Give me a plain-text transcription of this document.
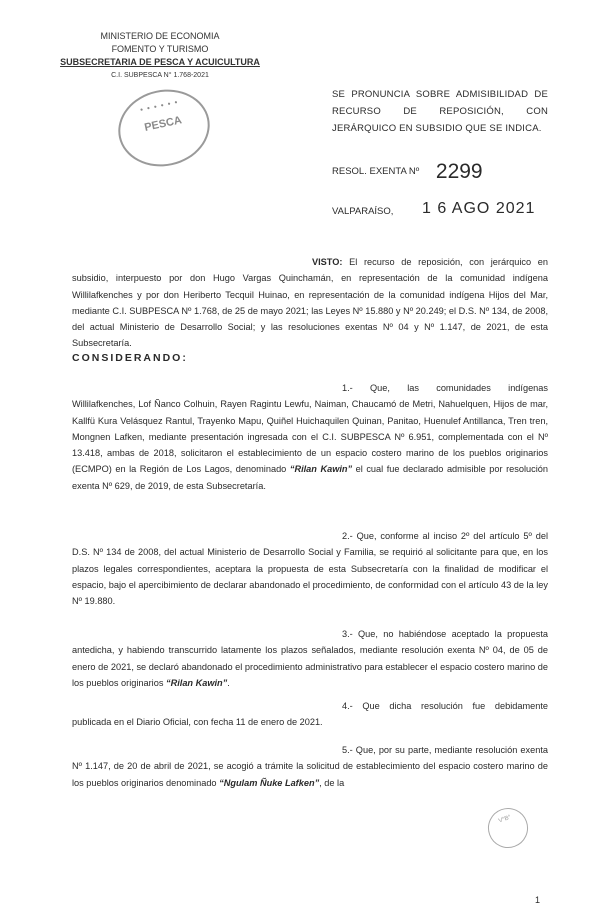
MINISTERIO DE ECONOMIA
FOMENTO Y TURISMO
SUBSECRETARIA DE PESCA Y ACUICULTURA
C.I. SUBPESCA N° 1.768-2021
• • • • • •
PESCA
SE PRONUNCIA SOBRE ADMISIBILIDAD DE RECURSO DE REPOSICIÓN, CON JERÁRQUICO EN SUBSIDIO QUE SE INDICA.
RESOL. EXENTA Nº 2299
VALPARAÍSO, 1 6 AGO 2021
VISTO: El recurso de reposición, con jerárquico en subsidio, interpuesto por don Hugo Vargas Quinchamán, en representación de la comunidad indígena Willilafkenches y por don Heriberto Tecquil Huinao, en representación de la comunidad indígena Hijos del Mar, mediante C.I. SUBPESCA Nº 1.768, de 25 de mayo 2021; las Leyes Nº 15.880 y Nº 20.249; el D.S. Nº 134, de 2008, del actual Ministerio de Desarrollo Social; y las resoluciones exentas Nº 04 y Nº 1.147, de 2021, de esta Subsecretaría.
CONSIDERANDO:
1.- Que, las comunidades indígenas Willilafkenches, Lof Ñanco Colhuin, Rayen Ragintu Lewfu, Naiman, Chaucamó de Metri, Nahuelquen, Hijos de mar, Kallfü Kura Velásquez Rantul, Trayenko Mapu, Quiñel Huichaquilen Quinan, Panitao, Huenulef Antillanca, Tren tren, Mongnen Lafken, mediante presentación ingresada con el C.I. SUBPESCA Nº 6.951, complementada con el Nº 13.418, ambas de 2018, solicitaron el establecimiento de un espacio costero marino de los pueblos originarios (ECMPO) en la Región de Los Lagos, denominado “Rilan Kawin” el cual fue declarado admisible por resolución exenta Nº 629, de 2019, de esta Subsecretaría.
2.- Que, conforme al inciso 2º del artículo 5º del D.S. Nº 134 de 2008, del actual Ministerio de Desarrollo Social y Familia, se requirió al solicitante para que, en los plazos legales correspondientes, aceptara la propuesta de esta Subsecretaría con la finalidad de modificar el espacio, bajo el apercibimiento de declarar abandonado el procedimiento, de conformidad con el artículo 43 de la ley Nº 19.880.
3.- Que, no habiéndose aceptado la propuesta antedicha, y habiendo transcurrido latamente los plazos señalados, mediante resolución exenta Nº 04, de 05 de enero de 2021, se declaró abandonado el procedimiento administrativo para establecer el espacio costero marino de los pueblos originarios “Rilan Kawin”.
4.- Que dicha resolución fue debidamente publicada en el Diario Oficial, con fecha 11 de enero de 2021.
5.- Que, por su parte, mediante resolución exenta Nº 1.147, de 20 de abril de 2021, se acogió a trámite la solicitud de establecimiento del espacio costero marino de los pueblos originarios denominado “Ngulam Ñuke Lafken”, de la
V°B°
1
